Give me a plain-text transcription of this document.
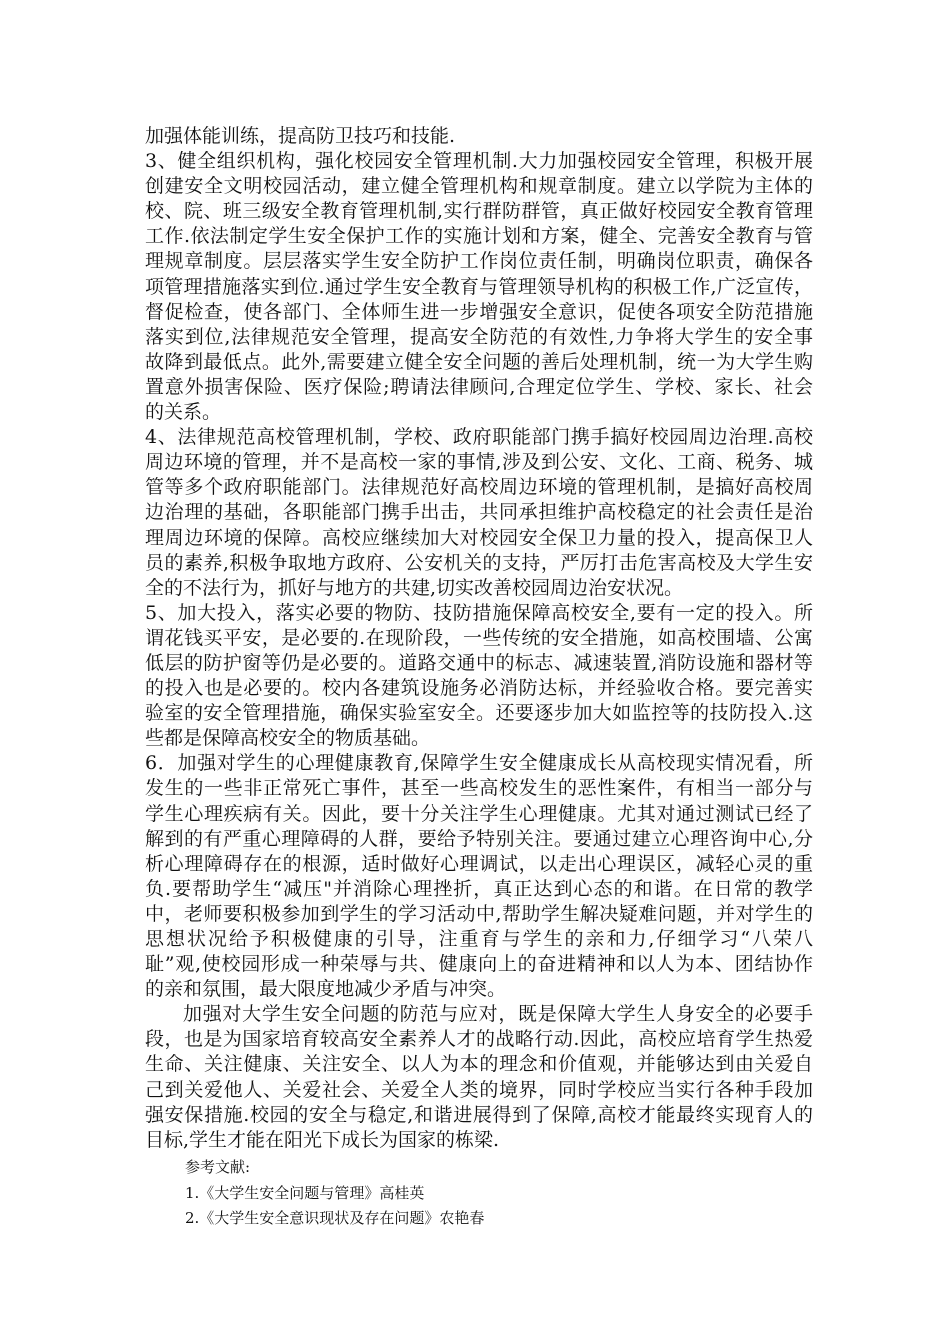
加强体能训练，提高防卫技巧和技能.
3、健全组织机构，强化校园安全管理机制.大力加强校园安全管理，积极开展
创建安全文明校园活动，建立健全管理机构和规章制度。建立以学院为主体的
校、院、班三级安全教育管理机制,实行群防群管，真正做好校园安全教育管理
工作.依法制定学生安全保护工作的实施计划和方案，健全、完善安全教育与管
理规章制度。层层落实学生安全防护工作岗位责任制，明确岗位职责，确保各
项管理措施落实到位.通过学生安全教育与管理领导机构的积极工作,广泛宣传，
督促检查，使各部门、全体师生进一步增强安全意识，促使各项安全防范措施
落实到位,法律规范安全管理，提高安全防范的有效性,力争将大学生的安全事
故降到最低点。此外,需要建立健全安全问题的善后处理机制，统一为大学生购
置意外损害保险、医疗保险;聘请法律顾问,合理定位学生、学校、家长、社会
的关系。
4、法律规范高校管理机制，学校、政府职能部门携手搞好校园周边治理.高校
周边环境的管理，并不是高校一家的事情,涉及到公安、文化、工商、税务、城
管等多个政府职能部门。法律规范好高校周边环境的管理机制，是搞好高校周
边治理的基础，各职能部门携手出击，共同承担维护高校稳定的社会责任是治
理周边环境的保障。高校应继续加大对校园安全保卫力量的投入，提高保卫人
员的素养,积极争取地方政府、公安机关的支持，严厉打击危害高校及大学生安
全的不法行为，抓好与地方的共建,切实改善校园周边治安状况。
5、加大投入，落实必要的物防、技防措施保障高校安全,要有一定的投入。所
谓花钱买平安，是必要的.在现阶段，一些传统的安全措施，如高校围墙、公寓
低层的防护窗等仍是必要的。道路交通中的标志、减速装置,消防设施和器材等
的投入也是必要的。校内各建筑设施务必消防达标，并经验收合格。要完善实
验室的安全管理措施，确保实验室安全。还要逐步加大如监控等的技防投入.这
些都是保障高校安全的物质基础。
6．加强对学生的心理健康教育,保障学生安全健康成长从高校现实情况看，所
发生的一些非正常死亡事件，甚至一些高校发生的恶性案件，有相当一部分与
学生心理疾病有关。因此，要十分关注学生心理健康。尤其对通过测试已经了
解到的有严重心理障碍的人群，要给予特别关注。要通过建立心理咨询中心,分
析心理障碍存在的根源，适时做好心理调试，以走出心理误区，减轻心灵的重
负.要帮助学生“减压"并消除心理挫折，真正达到心态的和谐。在日常的教学
中，老师要积极参加到学生的学习活动中,帮助学生解决疑难问题，并对学生的
思想状况给予积极健康的引导，注重育与学生的亲和力,仔细学习“八荣八
耻”观,使校园形成一种荣辱与共、健康向上的奋进精神和以人为本、团结协作
的亲和氛围，最大限度地减少矛盾与冲突。
加强对大学生安全问题的防范与应对，既是保障大学生人身安全的必要手
段，也是为国家培育较高安全素养人才的战略行动.因此，高校应培育学生热爱
生命、关注健康、关注安全、以人为本的理念和价值观，并能够达到由关爱自
己到关爱他人、关爱社会、关爱全人类的境界，同时学校应当实行各种手段加
强安保措施.校园的安全与稳定,和谐进展得到了保障,高校才能最终实现育人的
目标,学生才能在阳光下成长为国家的栋梁.
参考文献:
1.《大学生安全问题与管理》高桂英
2.《大学生安全意识现状及存在问题》农艳春
